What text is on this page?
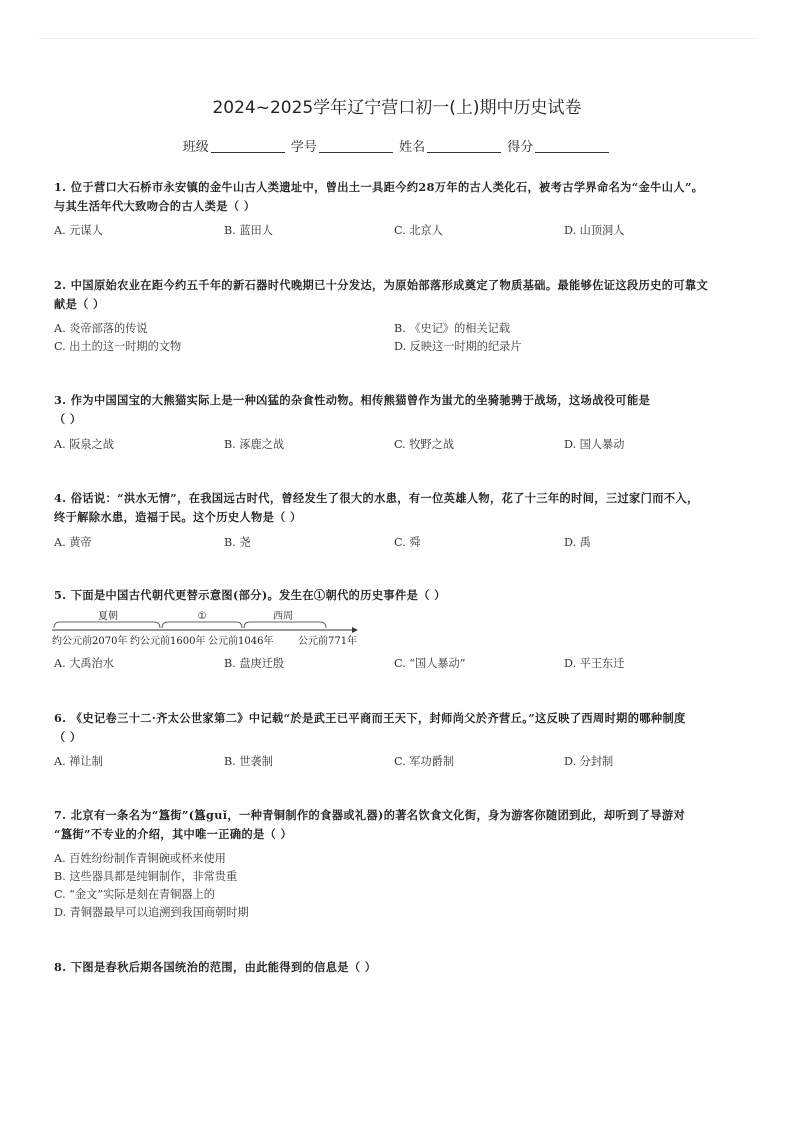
2024~2025学年辽宁营口初一(上)期中历史试卷
班级	学号	姓名	得分
1. 位于营口大石桥市永安镇的金牛山古人类遗址中，曾出土一具距今约28万年的古人类化石，被考古学界命名为“金牛山人”。
与其生活年代大致吻合的古人类是（ ）
A. 元谋人	B. 蓝田人	C. 北京人	D. 山顶洞人
2. 中国原始农业在距今约五千年的新石器时代晚期已十分发达，为原始部落形成奠定了物质基础。最能够佐证这段历史的可靠文
献是（ ）
A. 炎帝部落的传说	B. 《史记》的相关记载
C. 出土的这一时期的文物	D. 反映这一时期的纪录片
3. 作为中国国宝的大熊猫实际上是一种凶猛的杂食性动物。相传熊猫曾作为蚩尤的坐骑驰骋于战场，这场战役可能是
（ ）
A. 阪泉之战	B. 涿鹿之战	C. 牧野之战	D. 国人暴动
4. 俗话说：“洪水无情”，在我国远古时代，曾经发生了很大的水患，有一位英雄人物，花了十三年的时间，三过家门而不入，
终于解除水患，造福于民。这个历史人物是（ ）
A. 黄帝	B. 尧	C. 舜	D. 禹
5. 下面是中国古代朝代更替示意图(部分)。发生在①朝代的历史事件是（ ）
夏朝	①	西周
约公元前2070年 约公元前1600年 公元前1046年 公元前771年
A. 大禹治水	B. 盘庚迁殷	C. “国人暴动”	D. 平王东迁
6. 《史记卷三十二·齐太公世家第二》中记载“於是武王已平商而王天下，封师尚父於齐营丘。”这反映了西周时期的哪种制度
（ ）
A. 禅让制	B. 世袭制	C. 军功爵制	D. 分封制
7. 北京有一条名为“簋街”(簋guǐ，一种青铜制作的食器或礼器)的著名饮食文化街，身为游客你随团到此，却听到了导游对
“簋街”不专业的介绍，其中唯一正确的是（ ）
A. 百姓纷纷制作青铜碗或杯来使用
B. 这些器具都是纯铜制作，非常贵重
C. “金文”实际是刻在青铜器上的
D. 青铜器最早可以追溯到我国商朝时期
8. 下图是春秋后期各国统治的范围，由此能得到的信息是（ ）
